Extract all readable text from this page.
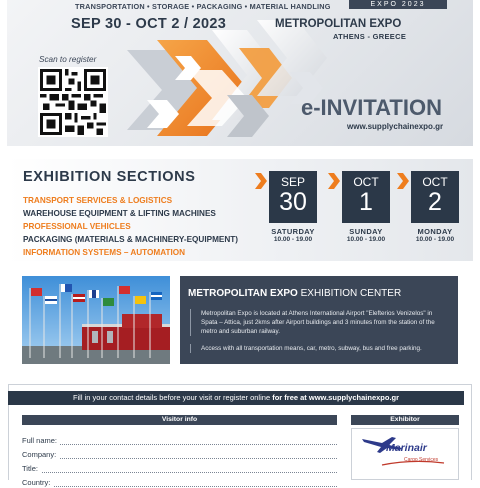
EXPO 2023
TRANSPORTATION • STORAGE • PACKAGING • MATERIAL HANDLING
SEP 30 - OCT 2 / 2023	METROPOLITAN EXPO
ATHENS - GREECE
Scan to register
e-INVITATION
www.supplychainexpo.gr
EXHIBITION SECTIONS
TRANSPORT SERVICES & LOGISTICS
WAREHOUSE EQUIPMENT & LIFTING MACHINES
PROFESSIONAL VEHICLES
PACKAGING (MATERIALS & MACHINERY-EQUIPMENT)
INFORMATION SYSTEMS – AUTOMATION
SEP
30
SATURDAY
10.00 - 19.00
OCT
1
SUNDAY
10.00 - 19.00
OCT
2
MONDAY
10.00 - 19.00
METROPOLITAN EXPO EXHIBITION CENTER
Metropolitan Expo is located at Athens International Airport "Elefterios Venizelos" in Spata – Attica, just 2kms after Airport buildings and 3 minutes from the station of the metro and suburban railway.
Access with all transportation means, car, metro, subway, bus and free parking.
Fill in your contact details before your visit or register online for free at www.supplychainexpo.gr
Visitor info	Exhibitor
Full name:
Company:
Title:
Country:
Marinair
Cargo Services
